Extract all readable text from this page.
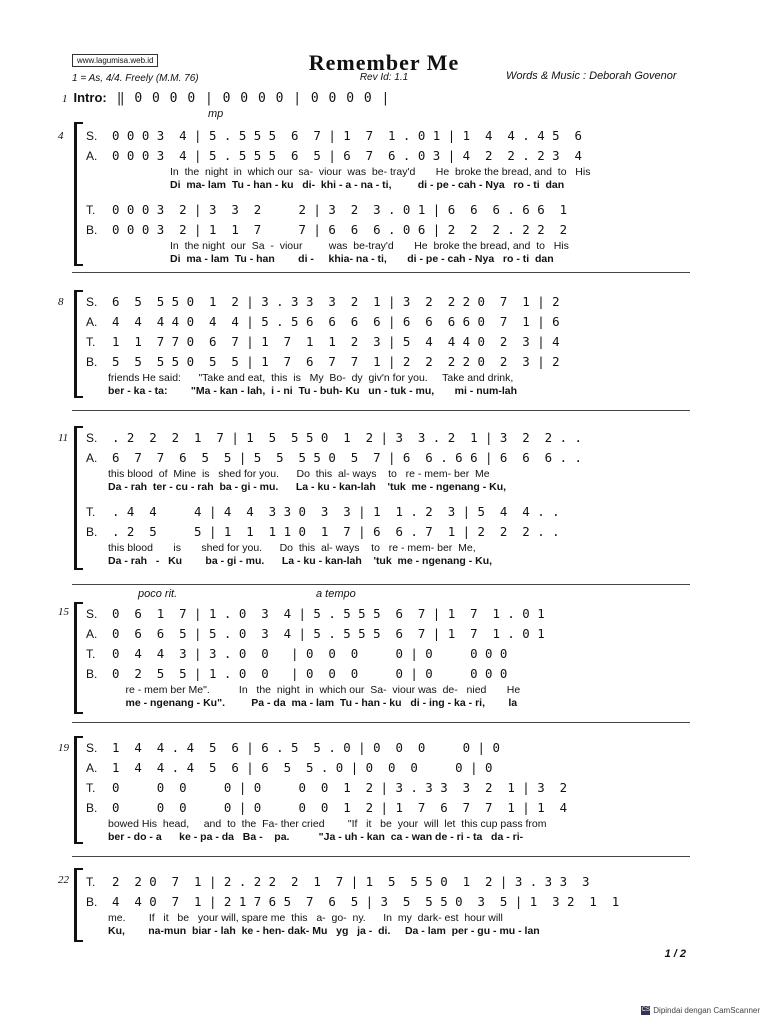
www.lagumisa.web.id	Remember Me
Rev Id: 1.1
1 = As, 4/4. Freely (M.M. 76)	Words & Music : Deborah Govenor
1 Intro: ‖ 0 0 0 0 | 0 0 0 0 | 0 0 0 0 |
4
mp
S. 0 0 0 3  4 | 5 . 5 5 5  6  7 | 1  7  1 . 0 1 | 1  4  4 . 4 5  6
A. 0 0 0 3  4 | 5 . 5 5 5  6  5 | 6  7  6 . 0 3 | 4  2  2 . 2 3  4
In  the  night  in  which our  sa-  viour  was  be- tray'd       He  broke the bread, and  to   His
Di  ma- lam  Tu - han - ku   di-  khi - a - na - ti,         di - pe - cah - Nya   ro - ti  dan
T. 0 0 0 3  2 | 3  3  2     2 | 3  2  3 . 0 1 | 6  6  6 . 6 6  1
B. 0 0 0 3  2 | 1  1  7     7 | 6  6  6 . 0 6 | 2  2  2 . 2 2  2
In  the night  our  Sa  -  viour         was  be-tray'd       He  broke the bread, and  to   His
Di  ma - lam  Tu - han        di -     khia- na - ti,       di - pe - cah - Nya   ro - ti  dan
8 S. 6  5  5 5 0  1  2 | 3 . 3 3  3  2  1 | 3  2  2 2 0  7  1 | 2
A. 4  4  4 4 0  4  4 | 5 . 5 6  6  6  6 | 6  6  6 6 0  7  1 | 6
T. 1  1  7 7 0  6  7 | 1  7  1  1  2  3 | 5  4  4 4 0  2  3 | 4
B. 5  5  5 5 0  5  5 | 1  7  6  7  7  1 | 2  2  2 2 0  2  3 | 2
friends He said:      "Take and eat,  this  is   My  Bo-  dy  giv'n for you.     Take and drink,
ber - ka - ta:        "Ma - kan - lah,  i - ni  Tu - buh- Ku   un - tuk - mu,       mi - num-lah
11 S. . 2  2  2  1  7 | 1  5  5 5 0  1  2 | 3  3 . 2  1 | 3  2  2 . .
A. 6  7  7  6  5  5 | 5  5  5 5 0  5  7 | 6  6 . 6 6 | 6  6  6 . .
this blood  of  Mine  is   shed for you.      Do  this  al- ways    to   re - mem- ber  Me
Da - rah  ter - cu - rah  ba - gi - mu.      La - ku - kan-lah    'tuk  me - ngenang - Ku,
T. . 4  4     4 | 4  4  3 3 0  3  3 | 1  1 . 2  3 | 5  4  4 . .
B. . 2  5     5 | 1  1  1 1 0  1  7 | 6  6 . 7  1 | 2  2  2 . .
this blood       is       shed for you.      Do  this  al- ways    to   re - mem- ber  Me,
Da - rah   -   Ku        ba - gi - mu.      La - ku - kan-lah    'tuk  me - ngenang - Ku,
15
poco rit.	a tempo
S. 0  6  1  7 | 1 . 0  3  4 | 5 . 5 5 5  6  7 | 1  7  1 . 0 1
A. 0  6  6  5 | 5 . 0  3  4 | 5 . 5 5 5  6  7 | 1  7  1 . 0 1
T. 0  4  4  3 | 3 . 0  0   | 0  0  0     0 | 0     0 0 0
B. 0  2  5  5 | 1 . 0  0   | 0  0  0     0 | 0     0 0 0
re - mem ber Me".          In   the  night  in  which our  Sa-  viour was  de-   nied       He
me - ngenang - Ku".         Pa - da  ma - lam  Tu - han - ku   di - ing - ka - ri,        la
19 S. 1  4  4 . 4  5  6 | 6 . 5  5 . 0 | 0  0  0     0 | 0
A. 1  4  4 . 4  5  6 | 6  5  5 . 0 | 0  0  0     0 | 0
T. 0     0  0     0 | 0     0  0  1  2 | 3 . 3 3  3  2  1 | 3  2
B. 0     0  0     0 | 0     0  0  1  2 | 1  7  6  7  7  1 | 1  4
bowed His  head,     and  to  the  Fa- ther cried        "If   it   be  your  will  let  this cup pass from
ber - do - a      ke - pa - da   Ba -    pa.          "Ja - uh - kan  ca - wan de - ri - ta   da - ri-
22 T. 2  2 0  7  1 | 2 . 2 2  2  1  7 | 1  5  5 5 0  1  2 | 3 . 3 3  3
B. 4  4 0  7  1 | 2 1 7 6 5  7  6  5 | 3  5  5 5 0  3  5 | 1  3 2  1  1
me.        If   it   be   your will, spare me  this   a-  go-  ny.      In  my  dark- est  hour will
Ku,        na-mun  biar - lah  ke - hen- dak- Mu   yg   ja -  di.     Da - lam  per - gu - mu - lan
1 / 2
CS Dipindai dengan CamScanner
